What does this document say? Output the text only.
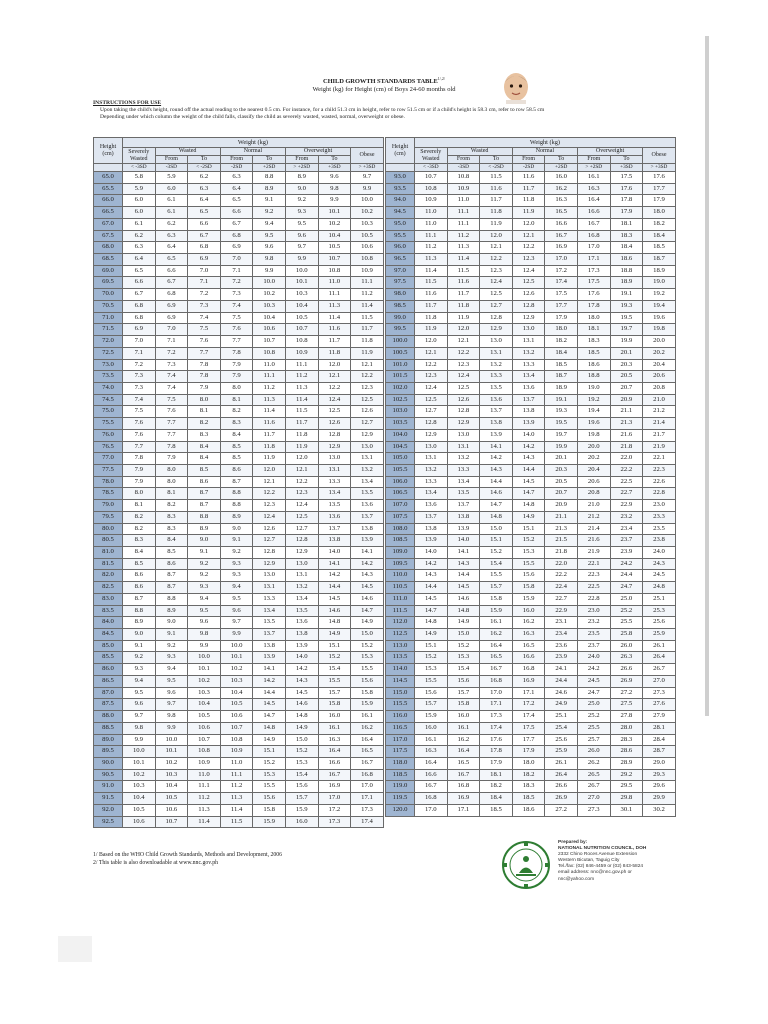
CHILD GROWTH STANDARDS $TABLE^{1/,2/}$
Weight (kg) for Height (cm) of Boys 24-60 months old
INSTRUCTIONS FOR USE

Upon taking the child's height, round off the actual reading to the nearest 0.5 cm. For instance, for a child 51.3 cm in height, refer to row 51.5 cm or if a child's height is 58.3 cm, refer to row 58.5 cm Depending under which column the weight of the child falls, classify the child as severely wasted, wasted, normal, overweight or obese.

Height (cm)	Weight (kg)							
	Severely Wasted	Wasted		Normal		Overweight		Obese
		From	To	From	To	From	To	
	< -3SD	-3SD	< -2SD	-2SD	+2SD	> +2SD	+3SD	> +3SD
65.0	5.8	5.9	6.2	6.3	8.8	8.9	9.6	9.7
65.5	5.9	6.0	6.3	6.4	8.9	9.0	9.8	9.9
66.0	6.0	6.1	6.4	6.5	9.1	9.2	9.9	10.0
66.5	6.0	6.1	6.5	6.6	9.2	9.3	10.1	10.2
67.0	6.1	6.2	6.6	6.7	9.4	9.5	10.2	10.3
67.5	6.2	6.3	6.7	6.8	9.5	9.6	10.4	10.5
68.0	6.3	6.4	6.8	6.9	9.6	9.7	10.5	10.6
68.5	6.4	6.5	6.9	7.0	9.8	9.9	10.7	10.8
69.0	6.5	6.6	7.0	7.1	9.9	10.0	10.8	10.9
69.5	6.6	6.7	7.1	7.2	10.0	10.1	11.0	11.1
70.0	6.7	6.8	7.2	7.3	10.2	10.3	11.1	11.2
70.5	6.8	6.9	7.3	7.4	10.3	10.4	11.3	11.4
71.0	6.8	6.9	7.4	7.5	10.4	10.5	11.4	11.5
71.5	6.9	7.0	7.5	7.6	10.6	10.7	11.6	11.7
72.0	7.0	7.1	7.6	7.7	10.7	10.8	11.7	11.8
72.5	7.1	7.2	7.7	7.8	10.8	10.9	11.8	11.9
73.0	7.2	7.3	7.8	7.9	11.0	11.1	12.0	12.1
73.5	7.3	7.4	7.8	7.9	11.1	11.2	12.1	12.2
74.0	7.3	7.4	7.9	8.0	11.2	11.3	12.2	12.3
74.5	7.4	7.5	8.0	8.1	11.3	11.4	12.4	12.5
75.0	7.5	7.6	8.1	8.2	11.4	11.5	12.5	12.6
75.5	7.6	7.7	8.2	8.3	11.6	11.7	12.6	12.7
76.0	7.6	7.7	8.3	8.4	11.7	11.8	12.8	12.9
76.5	7.7	7.8	8.4	8.5	11.8	11.9	12.9	13.0
77.0	7.8	7.9	8.4	8.5	11.9	12.0	13.0	13.1
77.5	7.9	8.0	8.5	8.6	12.0	12.1	13.1	13.2
78.0	7.9	8.0	8.6	8.7	12.1	12.2	13.3	13.4
78.5	8.0	8.1	8.7	8.8	12.2	12.3	13.4	13.5
79.0	8.1	8.2	8.7	8.8	12.3	12.4	13.5	13.6
79.5	8.2	8.3	8.8	8.9	12.4	12.5	13.6	13.7
80.0	8.2	8.3	8.9	9.0	12.6	12.7	13.7	13.8
80.5	8.3	8.4	9.0	9.1	12.7	12.8	13.8	13.9
81.0	8.4	8.5	9.1	9.2	12.8	12.9	14.0	14.1
81.5	8.5	8.6	9.2	9.3	12.9	13.0	14.1	14.2
82.0	8.6	8.7	9.2	9.3	13.0	13.1	14.2	14.3
82.5	8.6	8.7	9.3	9.4	13.1	13.2	14.4	14.5
83.0	8.7	8.8	9.4	9.5	13.3	13.4	14.5	14.6
83.5	8.8	8.9	9.5	9.6	13.4	13.5	14.6	14.7
84.0	8.9	9.0	9.6	9.7	13.5	13.6	14.8	14.9
84.5	9.0	9.1	9.8	9.9	13.7	13.8	14.9	15.0
85.0	9.1	9.2	9.9	10.0	13.8	13.9	15.1	15.2
85.5	9.2	9.3	10.0	10.1	13.9	14.0	15.2	15.3
86.0	9.3	9.4	10.1	10.2	14.1	14.2	15.4	15.5
86.5	9.4	9.5	10.2	10.3	14.2	14.3	15.5	15.6
87.0	9.5	9.6	10.3	10.4	14.4	14.5	15.7	15.8
87.5	9.6	9.7	10.4	10.5	14.5	14.6	15.8	15.9
88.0	9.7	9.8	10.5	10.6	14.7	14.8	16.0	16.1
88.5	9.8	9.9	10.6	10.7	14.8	14.9	16.1	16.2
89.0	9.9	10.0	10.7	10.8	14.9	15.0	16.3	16.4
89.5	10.0	10.1	10.8	10.9	15.1	15.2	16.4	16.5
90.0	10.1	10.2	10.9	11.0	15.2	15.3	16.6	16.7
90.5	10.2	10.3	11.0	11.1	15.3	15.4	16.7	16.8
91.0	10.3	10.4	11.1	11.2	15.5	15.6	16.9	17.0
91.5	10.4	10.5	11.2	11.3	15.6	15.7	17.0	17.1
92.0	10.5	10.6	11.3	11.4	15.8	15.9	17.2	17.3
92.5	10.6	10.7	11.4	11.5	15.9	16.0	17.3	17.4
Height (cm)	Weight (kg)							
	Severely Wasted	Wasted		Normal		Overweight		Obese
		From	To	From	To	From	To	
	< -3SD	-3SD	< -2SD	-2SD	+2SD	> +2SD	+3SD	> +3SD
93.0	10.7	10.8	11.5	11.6	16.0	16.1	17.5	17.6
93.5	10.8	10.9	11.6	11.7	16.2	16.3	17.6	17.7
94.0	10.9	11.0	11.7	11.8	16.3	16.4	17.8	17.9
94.5	11.0	11.1	11.8	11.9	16.5	16.6	17.9	18.0
95.0	11.0	11.1	11.9	12.0	16.6	16.7	18.1	18.2
95.5	11.1	11.2	12.0	12.1	16.7	16.8	18.3	18.4
96.0	11.2	11.3	12.1	12.2	16.9	17.0	18.4	18.5
96.5	11.3	11.4	12.2	12.3	17.0	17.1	18.6	18.7
97.0	11.4	11.5	12.3	12.4	17.2	17.3	18.8	18.9
97.5	11.5	11.6	12.4	12.5	17.4	17.5	18.9	19.0
98.0	11.6	11.7	12.5	12.6	17.5	17.6	19.1	19.2
98.5	11.7	11.8	12.7	12.8	17.7	17.8	19.3	19.4
99.0	11.8	11.9	12.8	12.9	17.9	18.0	19.5	19.6
99.5	11.9	12.0	12.9	13.0	18.0	18.1	19.7	19.8
100.0	12.0	12.1	13.0	13.1	18.2	18.3	19.9	20.0
100.5	12.1	12.2	13.1	13.2	18.4	18.5	20.1	20.2
101.0	12.2	12.3	13.2	13.3	18.5	18.6	20.3	20.4
101.5	12.3	12.4	13.3	13.4	18.7	18.8	20.5	20.6
102.0	12.4	12.5	13.5	13.6	18.9	19.0	20.7	20.8
102.5	12.5	12.6	13.6	13.7	19.1	19.2	20.9	21.0
103.0	12.7	12.8	13.7	13.8	19.3	19.4	21.1	21.2
103.5	12.8	12.9	13.8	13.9	19.5	19.6	21.3	21.4
104.0	12.9	13.0	13.9	14.0	19.7	19.8	21.6	21.7
104.5	13.0	13.1	14.1	14.2	19.9	20.0	21.8	21.9
105.0	13.1	13.2	14.2	14.3	20.1	20.2	22.0	22.1
105.5	13.2	13.3	14.3	14.4	20.3	20.4	22.2	22.3
106.0	13.3	13.4	14.4	14.5	20.5	20.6	22.5	22.6
106.5	13.4	13.5	14.6	14.7	20.7	20.8	22.7	22.8
107.0	13.6	13.7	14.7	14.8	20.9	21.0	22.9	23.0
107.5	13.7	13.8	14.8	14.9	21.1	21.2	23.2	23.3
108.0	13.8	13.9	15.0	15.1	21.3	21.4	23.4	23.5
108.5	13.9	14.0	15.1	15.2	21.5	21.6	23.7	23.8
109.0	14.0	14.1	15.2	15.3	21.8	21.9	23.9	24.0
109.5	14.2	14.3	15.4	15.5	22.0	22.1	24.2	24.3
110.0	14.3	14.4	15.5	15.6	22.2	22.3	24.4	24.5
110.5	14.4	14.5	15.7	15.8	22.4	22.5	24.7	24.8
111.0	14.5	14.6	15.8	15.9	22.7	22.8	25.0	25.1
111.5	14.7	14.8	15.9	16.0	22.9	23.0	25.2	25.3
112.0	14.8	14.9	16.1	16.2	23.1	23.2	25.5	25.6
112.5	14.9	15.0	16.2	16.3	23.4	23.5	25.8	25.9
113.0	15.1	15.2	16.4	16.5	23.6	23.7	26.0	26.1
113.5	15.2	15.3	16.5	16.6	23.9	24.0	26.3	26.4
114.0	15.3	15.4	16.7	16.8	24.1	24.2	26.6	26.7
114.5	15.5	15.6	16.8	16.9	24.4	24.5	26.9	27.0
115.0	15.6	15.7	17.0	17.1	24.6	24.7	27.2	27.3
115.5	15.7	15.8	17.1	17.2	24.9	25.0	27.5	27.6
116.0	15.9	16.0	17.3	17.4	25.1	25.2	27.8	27.9
116.5	16.0	16.1	17.4	17.5	25.4	25.5	28.0	28.1
117.0	16.1	16.2	17.6	17.7	25.6	25.7	28.3	28.4
117.5	16.3	16.4	17.8	17.9	25.9	26.0	28.6	28.7
118.0	16.4	16.5	17.9	18.0	26.1	26.2	28.9	29.0
118.5	16.6	16.7	18.1	18.2	26.4	26.5	29.2	29.3
119.0	16.7	16.8	18.2	18.3	26.6	26.7	29.5	29.6
119.5	16.8	16.9	18.4	18.5	26.9	27.0	29.8	29.9
120.0	17.0	17.1	18.5	18.6	27.2	27.3	30.1	30.2
1/ Based on the WHO Child Growth Standards, Methods and Development, 2006
2/ This table is also downloadable at www.nnc.gov.ph
Prepared by:
NATIONAL NUTRITION COUNCIL, DOH
2332 Chino Roces Avenue Extension
Western Bicutan, Taguig City
Tel./fax: (02) 846-4459 or (02) 843-5824
email address: nnc@nnc.gov.ph or
nnc@yahoo.com
